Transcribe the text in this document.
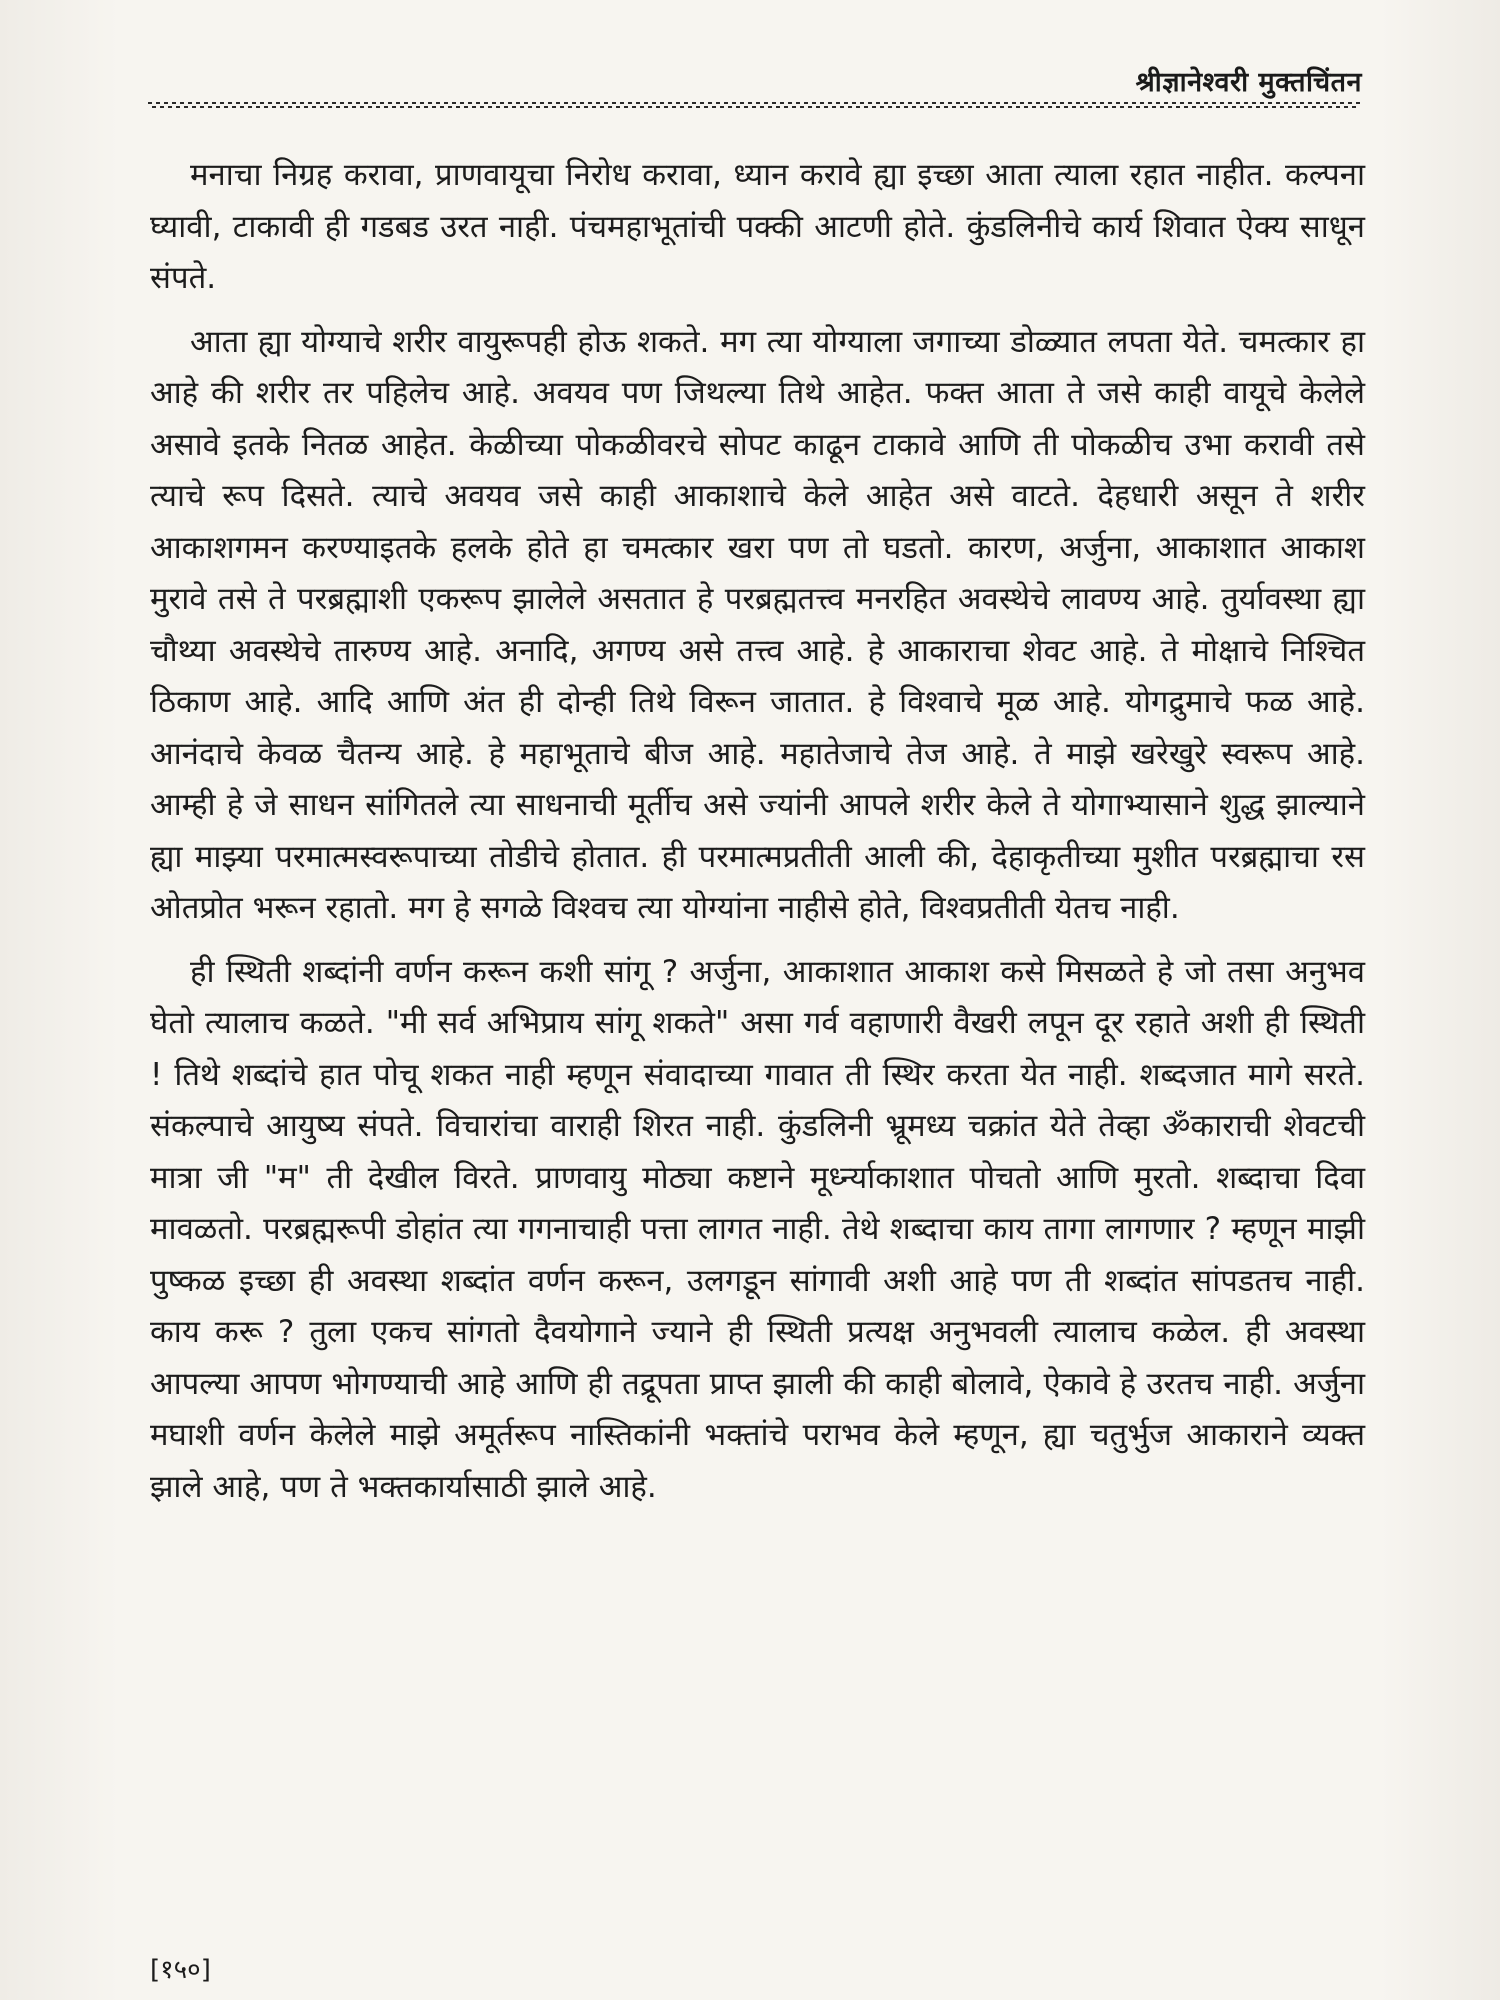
श्रीज्ञानेश्वरी मुक्तचिंतन

मनाचा निग्रह करावा, प्राणवायूचा निरोध करावा, ध्यान करावे ह्या इच्छा आता त्याला रहात नाहीत. कल्पना घ्यावी, टाकावी ही गडबड उरत नाही. पंचमहाभूतांची पक्की आटणी होते. कुंडलिनीचे कार्य शिवात ऐक्य साधून संपते.

आता ह्या योग्याचे शरीर वायुरूपही होऊ शकते. मग त्या योग्याला जगाच्या डोळ्यात लपता येते. चमत्कार हा आहे की शरीर तर पहिलेच आहे. अवयव पण जिथल्या तिथे आहेत. फक्त आता ते जसे काही वायूचे केलेले असावे इतके नितळ आहेत. केळीच्या पोकळीवरचे सोपट काढून टाकावे आणि ती पोकळीच उभा करावी तसे त्याचे रूप दिसते. त्याचे अवयव जसे काही आकाशाचे केले आहेत असे वाटते. देहधारी असून ते शरीर आकाशगमन करण्याइतके हलके होते हा चमत्कार खरा पण तो घडतो. कारण, अर्जुना, आकाशात आकाश मुरावे तसे ते परब्रह्माशी एकरूप झालेले असतात हे परब्रह्मतत्त्व मनरहित अवस्थेचे लावण्य आहे. तुर्यावस्था ह्या चौथ्या अवस्थेचे तारुण्य आहे. अनादि, अगण्य असे तत्त्व आहे. हे आकाराचा शेवट आहे. ते मोक्षाचे निश्चित ठिकाण आहे. आदि आणि अंत ही दोन्ही तिथे विरून जातात. हे विश्वाचे मूळ आहे. योगद्रुमाचे फळ आहे. आनंदाचे केवळ चैतन्य आहे. हे महाभूताचे बीज आहे. महातेजाचे तेज आहे. ते माझे खरेखुरे स्वरूप आहे. आम्ही हे जे साधन सांगितले त्या साधनाची मूर्तीच असे ज्यांनी आपले शरीर केले ते योगाभ्यासाने शुद्ध झाल्याने ह्या माझ्या परमात्मस्वरूपाच्या तोडीचे होतात. ही परमात्मप्रतीती आली की, देहाकृतीच्या मुशीत परब्रह्माचा रस ओतप्रोत भरून रहातो. मग हे सगळे विश्वच त्या योग्यांना नाहीसे होते, विश्वप्रतीती येतच नाही.

ही स्थिती शब्दांनी वर्णन करून कशी सांगू ? अर्जुना, आकाशात आकाश कसे मिसळते हे जो तसा अनुभव घेतो त्यालाच कळते. "मी सर्व अभिप्राय सांगू शकते" असा गर्व वहाणारी वैखरी लपून दूर रहाते अशी ही स्थिती ! तिथे शब्दांचे हात पोचू शकत नाही म्हणून संवादाच्या गावात ती स्थिर करता येत नाही. शब्दजात मागे सरते. संकल्पाचे आयुष्य संपते. विचारांचा वाराही शिरत नाही. कुंडलिनी भ्रूमध्य चक्रांत येते तेव्हा ॐकाराची शेवटची मात्रा जी "म" ती देखील विरते. प्राणवायु मोठ्या कष्टाने मूर्ध्न्याकाशात पोचतो आणि मुरतो. शब्दाचा दिवा मावळतो. परब्रह्मरूपी डोहांत त्या गगनाचाही पत्ता लागत नाही. तेथे शब्दाचा काय तागा लागणार ? म्हणून माझी पुष्कळ इच्छा ही अवस्था शब्दांत वर्णन करून, उलगडून सांगावी अशी आहे पण ती शब्दांत सांपडतच नाही. काय करू ? तुला एकच सांगतो दैवयोगाने ज्याने ही स्थिती प्रत्यक्ष अनुभवली त्यालाच कळेल. ही अवस्था आपल्या आपण भोगण्याची आहे आणि ही तद्रूपता प्राप्त झाली की काही बोलावे, ऐकावे हे उरतच नाही. अर्जुना मघाशी वर्णन केलेले माझे अमूर्तरूप नास्तिकांनी भक्तांचे पराभव केले म्हणून, ह्या चतुर्भुज आकाराने व्यक्त झाले आहे, पण ते भक्तकार्यासाठी झाले आहे.

[१५०]
